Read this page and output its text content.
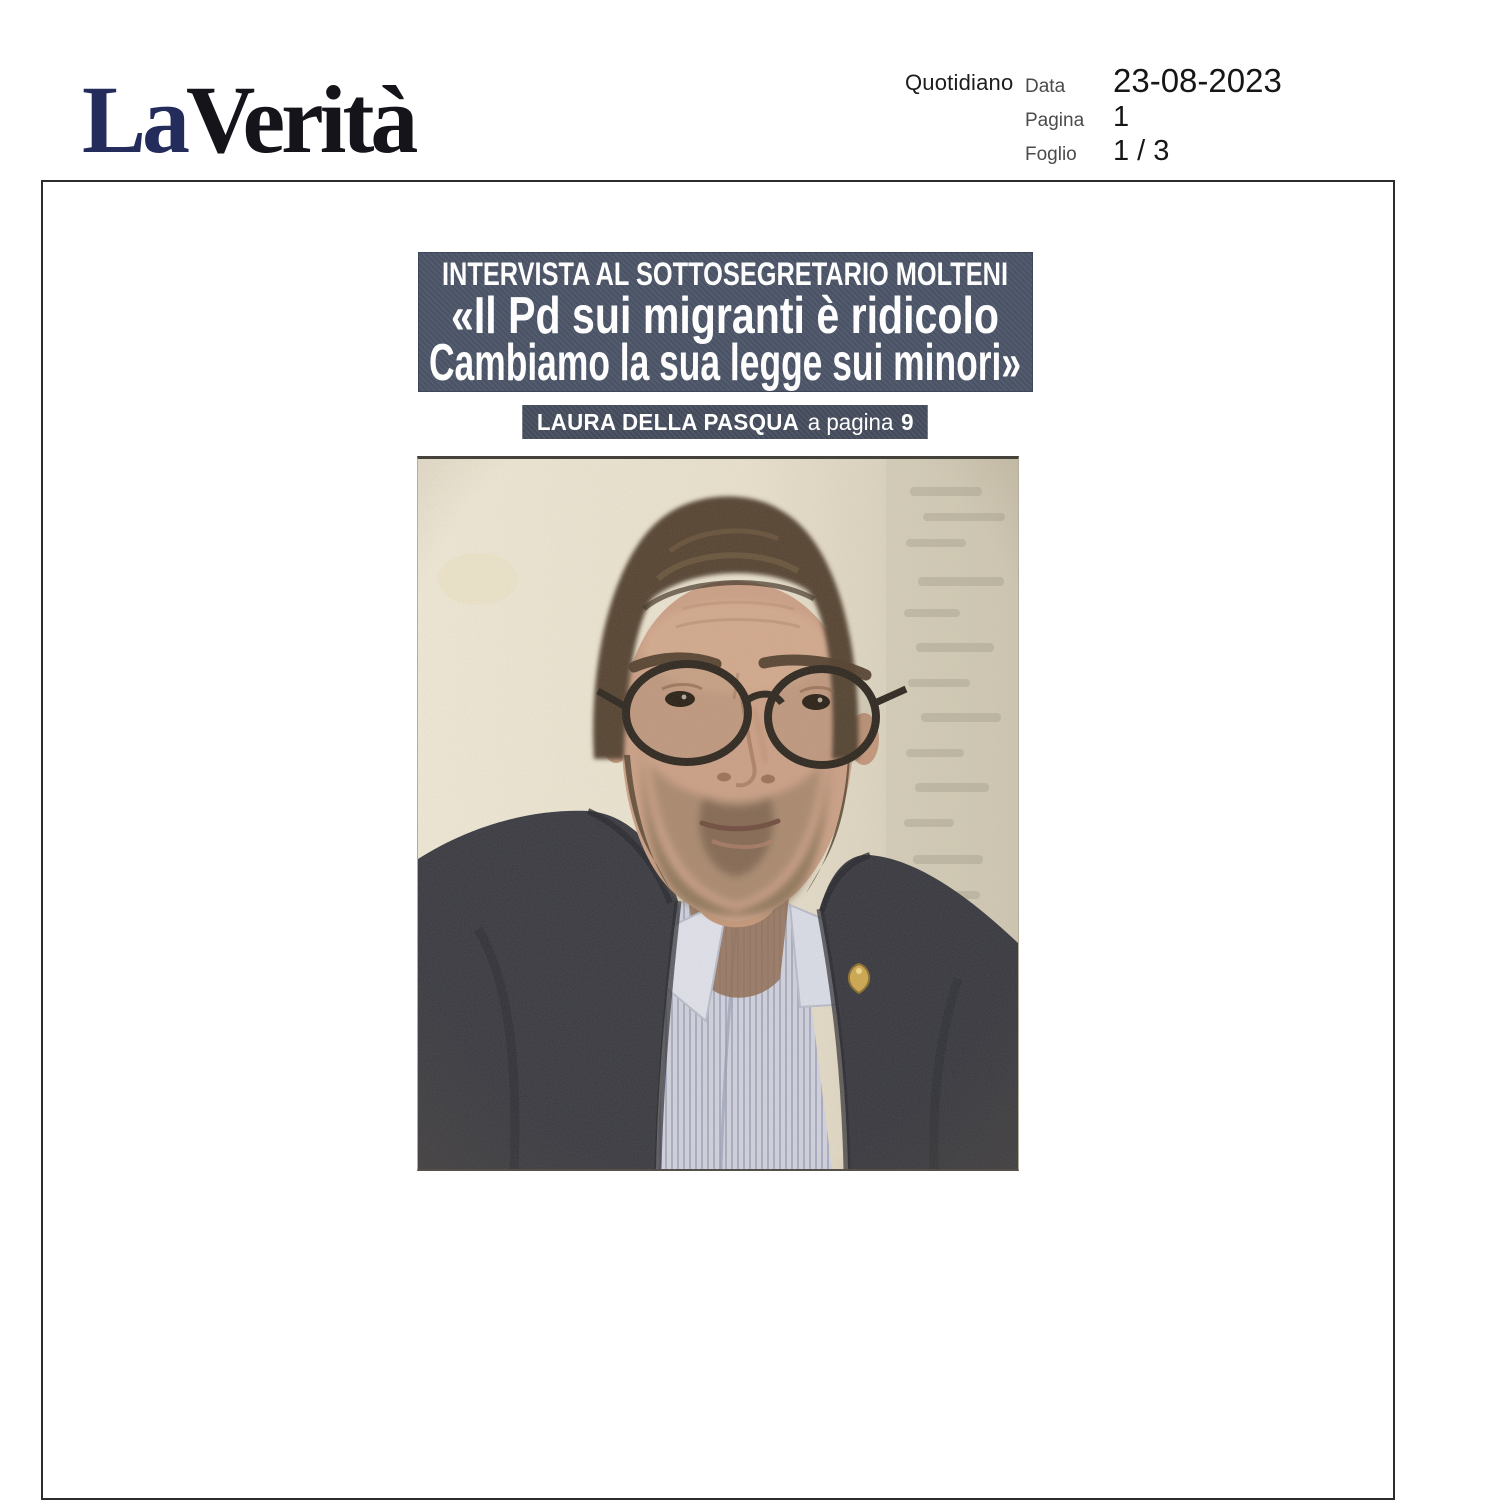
LaVerità	Quotidiano Data	23-08-2023
Pagina 1
Foglio	1 / 3
INTERVISTA AL SOTTOSEGRETARIO MOLTENI
«Il Pd sui migranti è ridicolo
Cambiamo la sua legge sui minori»
LAURA DELLA PASQUA a pagina 9
